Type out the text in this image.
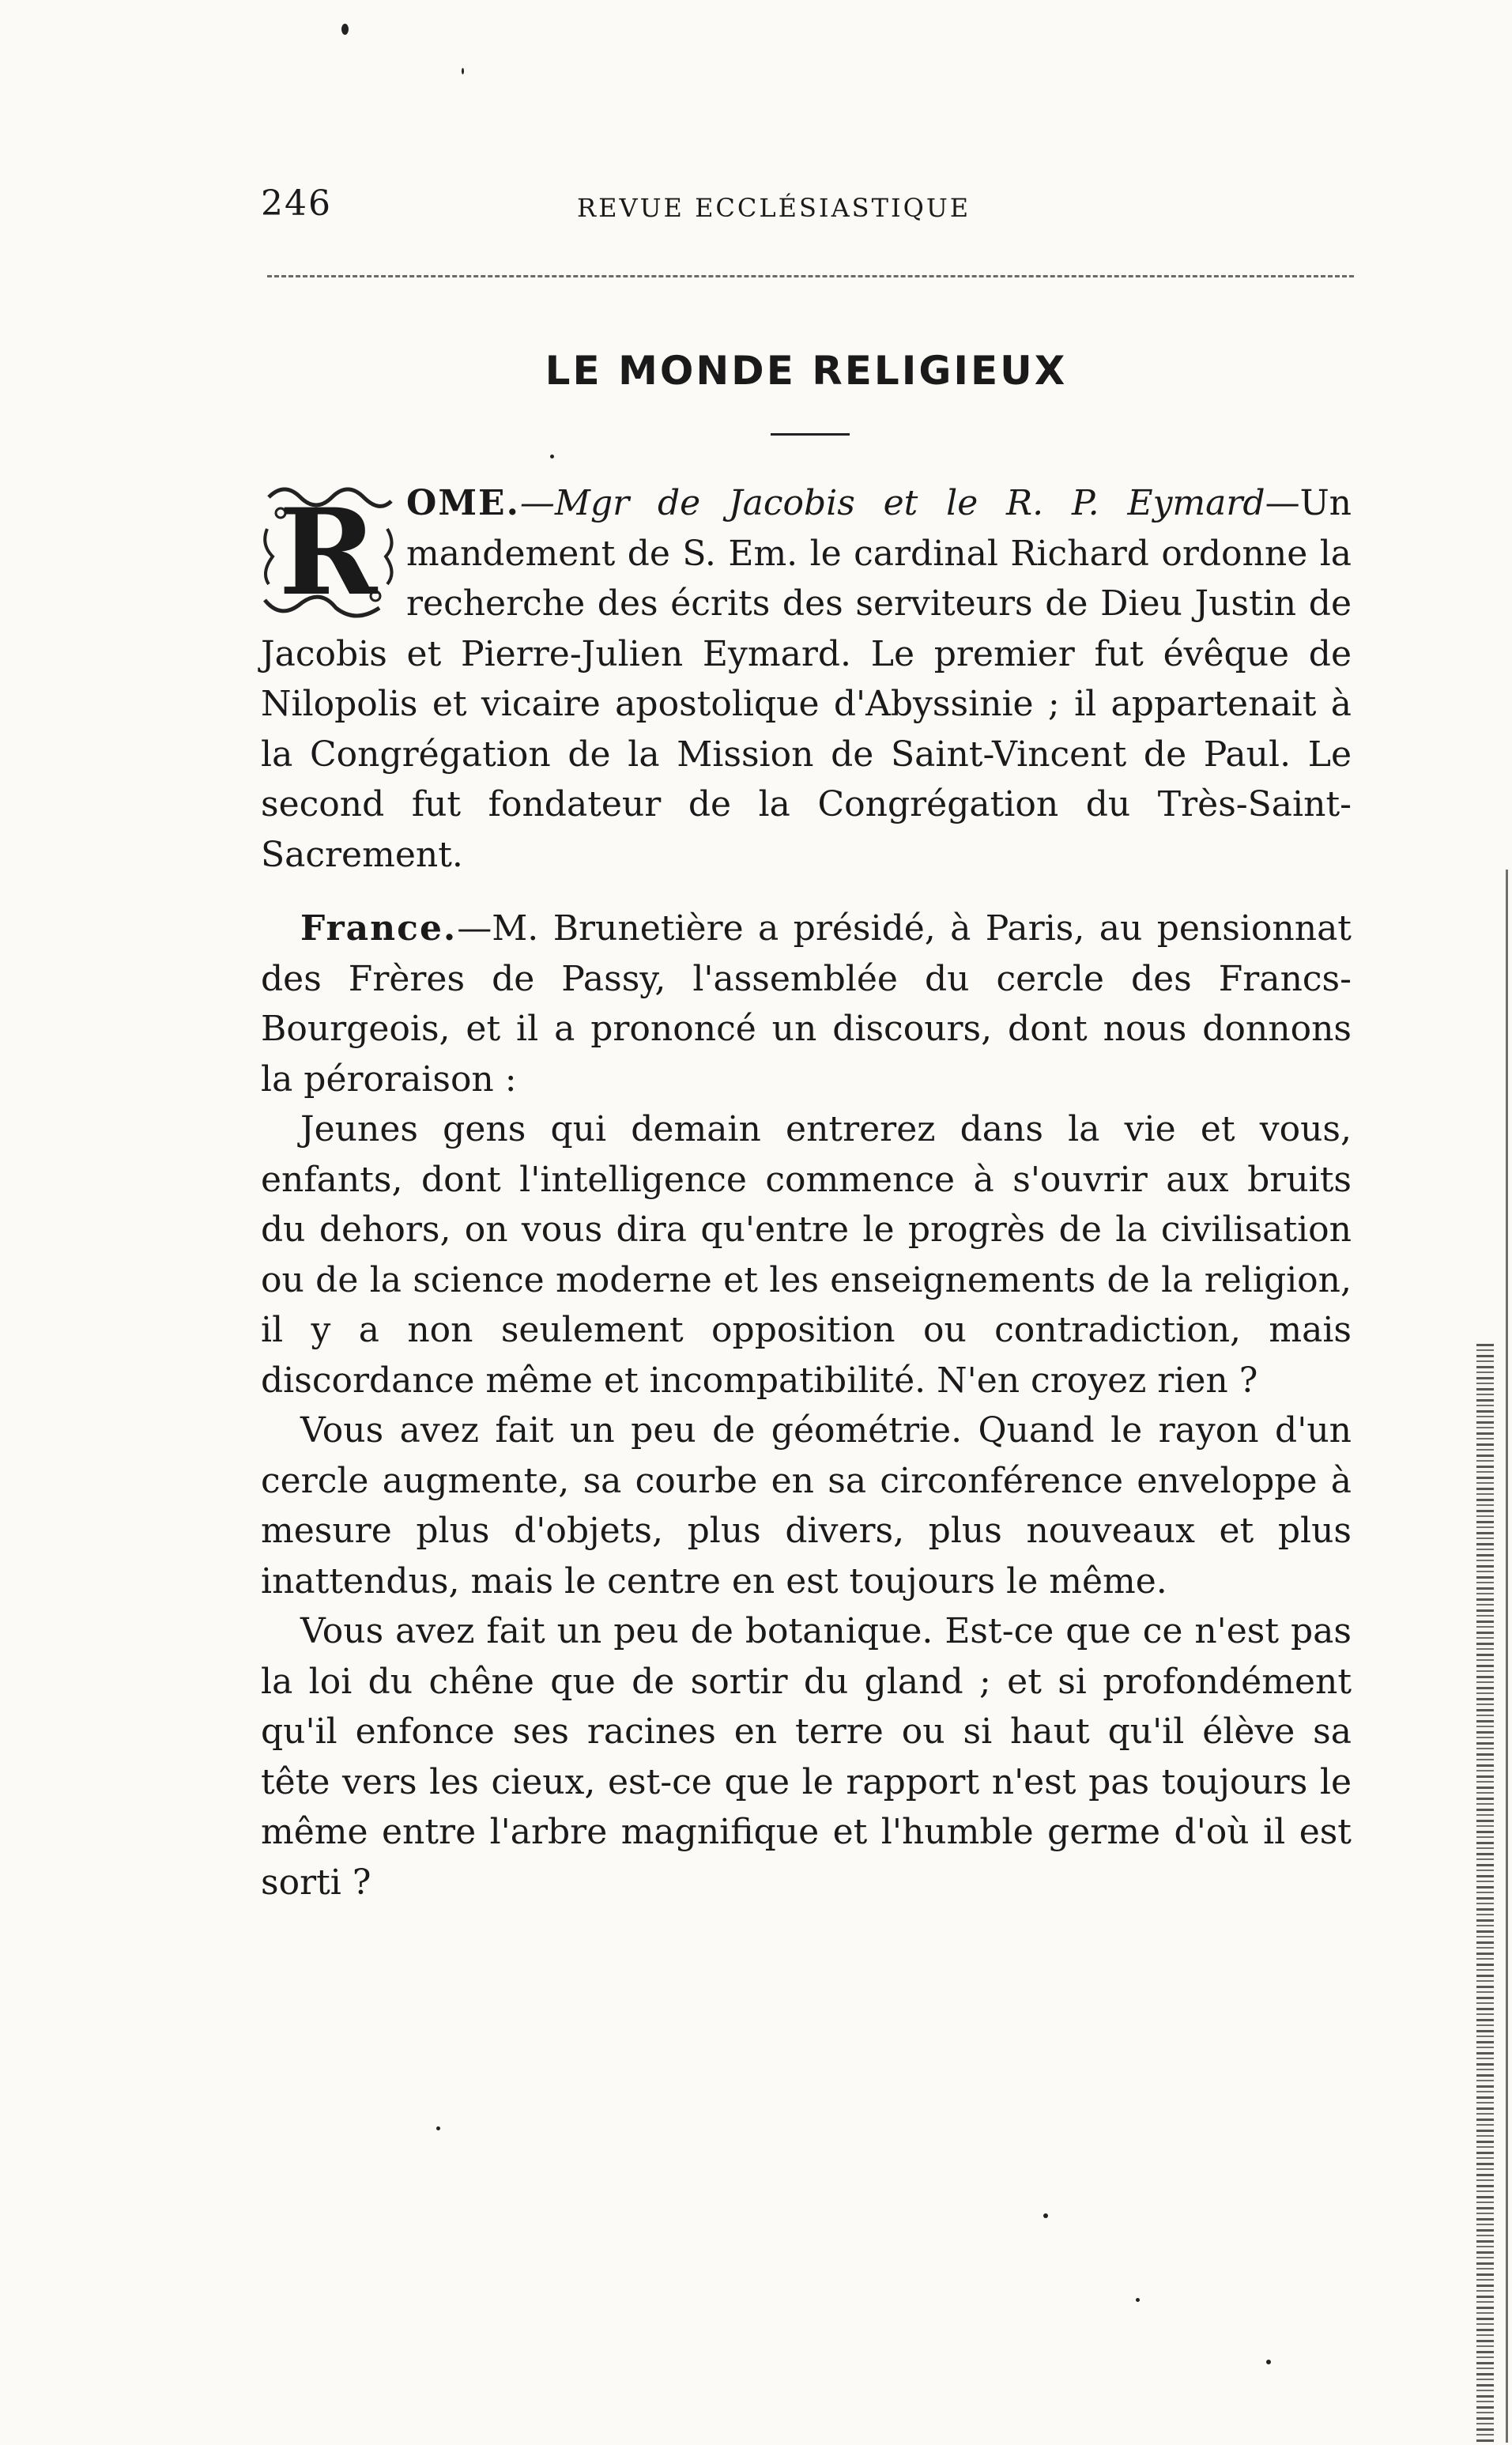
246	REVUE ECCLÉSIASTIQUE
LE MONDE RELIGIEUX

R OME.—Mgr de Jacobis et le R. P. Eymard—Un mandement de S. Em. le cardinal Richard ordonne la recherche des écrits des serviteurs de Dieu Justin de Jacobis et Pierre-Julien Eymard. Le premier fut évêque de Nilopolis et vicaire apostolique d'Abyssinie ; il appartenait à la Congrégation de la Mission de Saint-Vincent de Paul. Le second fut fondateur de la Congrégation du Très-Saint-Sacrement.

France.—M. Brunetière a présidé, à Paris, au pensionnat des Frères de Passy, l'assemblée du cercle des Francs-Bourgeois, et il a prononcé un discours, dont nous donnons la péroraison :

Jeunes gens qui demain entrerez dans la vie et vous, enfants, dont l'intelligence commence à s'ouvrir aux bruits du dehors, on vous dira qu'entre le progrès de la civilisation ou de la science moderne et les enseignements de la religion, il y a non seulement opposition ou contradiction, mais discordance même et incompatibilité. N'en croyez rien ?

Vous avez fait un peu de géométrie. Quand le rayon d'un cercle augmente, sa courbe en sa circonférence enveloppe à mesure plus d'objets, plus divers, plus nouveaux et plus inattendus, mais le centre en est toujours le même.

Vous avez fait un peu de botanique. Est-ce que ce n'est pas la loi du chêne que de sortir du gland ; et si profondément qu'il enfonce ses racines en terre ou si haut qu'il élève sa tête vers les cieux, est-ce que le rapport n'est pas toujours le même entre l'arbre magnifique et l'humble germe d'où il est sorti ?
